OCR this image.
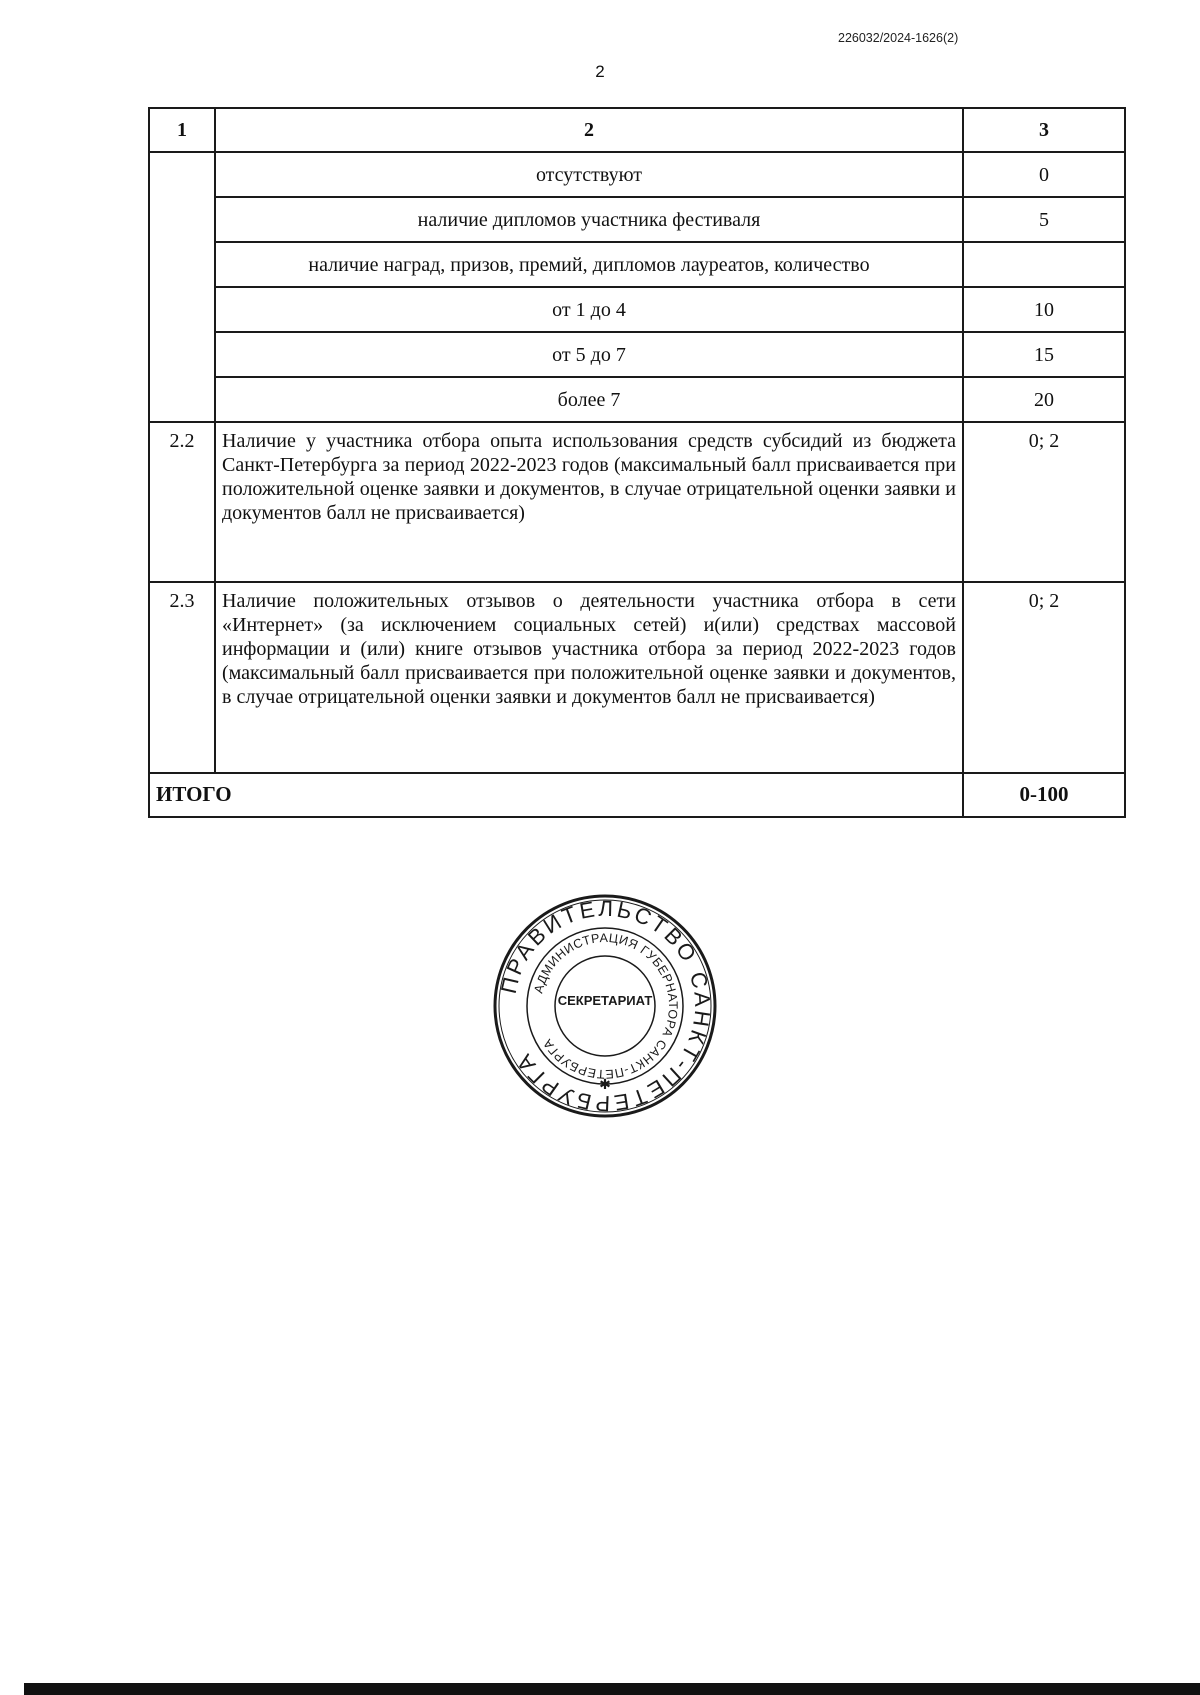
226032/2024-1626(2)
2
1	2	3
	отсутствуют	0
	наличие дипломов участника фестиваля	5
	наличие наград, призов, премий, дипломов лауреатов, количество	
	от 1 до 4	10
	от 5 до 7	15
	более 7	20
2.2	Наличие у участника отбора опыта использования средств субсидий из бюджета Санкт-Петербурга за период 2022-2023 годов (максимальный балл присваивается при положительной оценке заявки и документов, в случае отрицательной оценки заявки и документов балл не присваивается)	0; 2
2.3	Наличие положительных отзывов о деятельности участника отбора в сети «Интернет» (за исключением социальных сетей) и(или) средствах массовой информации и (или) книге отзывов участника отбора за период 2022-2023 годов (максимальный балл присваивается при положительной оценке заявки и документов, в случае отрицательной оценки заявки и документов балл не присваивается)	0; 2
ИТОГО		0-100
ПРАВИТЕЛЬСТВО САНКТ-ПЕТЕРБУРГА
АДМИНИСТРАЦИЯ ГУБЕРНАТОРА САНКТ-ПЕТЕРБУРГА
✱
СЕКРЕТАРИАТ
